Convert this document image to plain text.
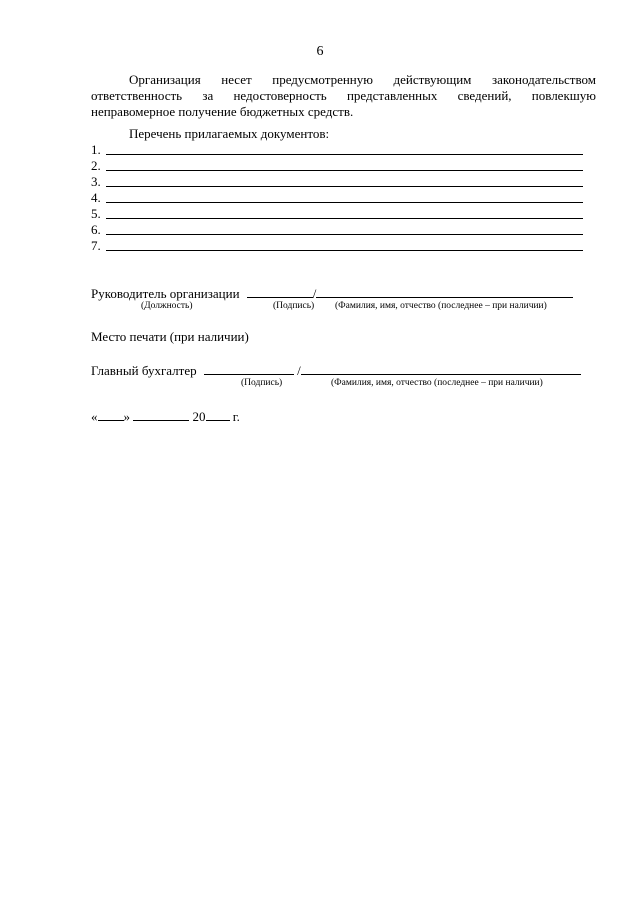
6

Организация несет предусмотренную действующим законодательством ответственность за недостоверность представленных сведений, повлекшую неправомерное получение бюджетных средств.

Перечень прилагаемых документов:
1.
2.
3.
4.
5.
6.
7.
Руководитель организации	/
(Должность)	(Подпись) (Фамилия, имя, отчество (последнее – при наличии)
Место печати (при наличии)
Главный бухгалтер	/
(Подпись)	(Фамилия, имя, отчество (последнее – при наличии)
« »	20 г.
